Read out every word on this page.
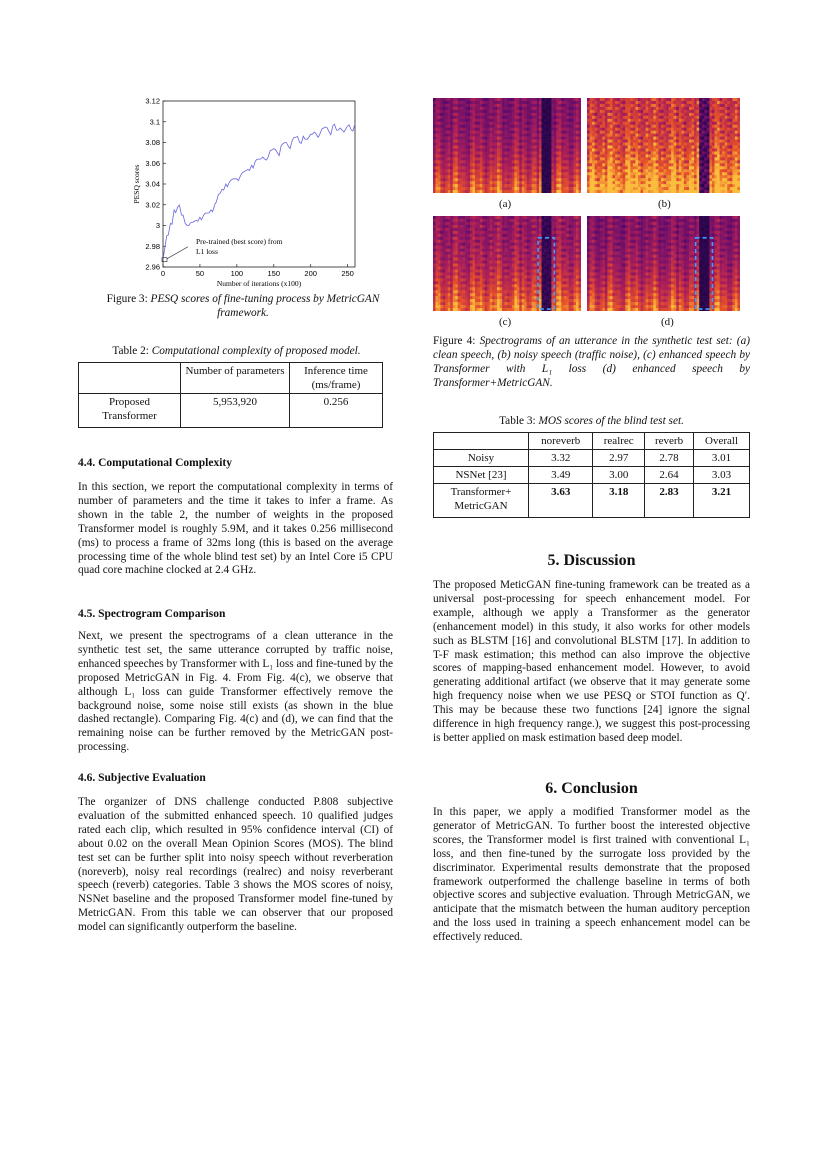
2.96
2.98
3
3.02
3.04
3.06
3.08
3.1
3.12
0	50	100	150	200	250
Number of iterations (x100)
PESQ scores
Pre-trained (best score) from
L1 loss

Figure 3: PESQ scores of fine-tuning process by MetricGAN framework.

Table 2: Computational complexity of proposed model.

	Number of parameters	Inference time (ms/frame)
Proposed Transformer	5,953,920	0.256
4.4. Computational Complexity

In this section, we report the computational complexity in terms of number of parameters and the time it takes to infer a frame. As shown in the table 2, the number of weights in the proposed Transformer model is roughly 5.9M, and it takes 0.256 millisecond (ms) to process a frame of 32ms long (this is based on the average processing time of the whole blind test set) by an Intel Core i5 CPU quad core machine clocked at 2.4 GHz.

4.5. Spectrogram Comparison

Next, we present the spectrograms of a clean utterance in the synthetic test set, the same utterance corrupted by traffic noise, enhanced speeches by Transformer with L₁ loss and fine-tuned by the proposed MetricGAN in Fig. 4. From Fig. 4(c), we observe that although L₁ loss can guide Transformer effectively remove the background noise, some noise still exists (as shown in the blue dashed rectangle). Comparing Fig. 4(c) and (d), we can find that the remaining noise can be further removed by the MetricGAN post-processing.

4.6. Subjective Evaluation

The organizer of DNS challenge conducted P.808 subjective evaluation of the submitted enhanced speech. 10 qualified judges rated each clip, which resulted in 95% confidence interval (CI) of about 0.02 on the overall Mean Opinion Scores (MOS). The blind test set can be further split into noisy speech without reverberation (noreverb), noisy real recordings (realrec) and noisy reverberant speech (reverb) categories. Table 3 shows the MOS scores of noisy, NSNet baseline and the proposed Transformer model fine-tuned by MetricGAN. From this table we can observer that our proposed model can significantly outperform the baseline.

(a)	(b)
(c)	(d)

Figure 4: Spectrograms of an utterance in the synthetic test set: (a) clean speech, (b) noisy speech (traffic noise), (c) enhanced speech by Transformer with L₁ loss (d) enhanced speech by Transformer+MetricGAN.

Table 3: MOS scores of the blind test set.

	noreverb	realrec	reverb	Overall
Noisy	3.32	2.97	2.78	3.01
NSNet [23]	3.49	3.00	2.64	3.03
Transformer+ MetricGAN	3.63	3.18	2.83	3.21
5. Discussion

The proposed MeticGAN fine-tuning framework can be treated as a universal post-processing for speech enhancement model. For example, although we apply a Transformer as the generator (enhancement model) in this study, it also works for other models such as BLSTM [16] and convolutional BLSTM [17]. In addition to T-F mask estimation; this method can also improve the objective scores of mapping-based enhancement model. However, to avoid generating additional artifact (we observe that it may generate some high frequency noise when we use PESQ or STOI function as Q′. This may be because these two functions [24] ignore the signal difference in high frequency range.), we suggest this post-processing is better applied on mask estimation based deep model.

6. Conclusion

In this paper, we apply a modified Transformer model as the generator of MetricGAN. To further boost the interested objective scores, the Transformer model is first trained with conventional L₁ loss, and then fine-tuned by the surrogate loss provided by the discriminator. Experimental results demonstrate that the proposed framework outperformed the challenge baseline in terms of both objective scores and subjective evaluation. Through MetricGAN, we anticipate that the mismatch between the human auditory perception and the loss used in training a speech enhancement model can be effectively reduced.
